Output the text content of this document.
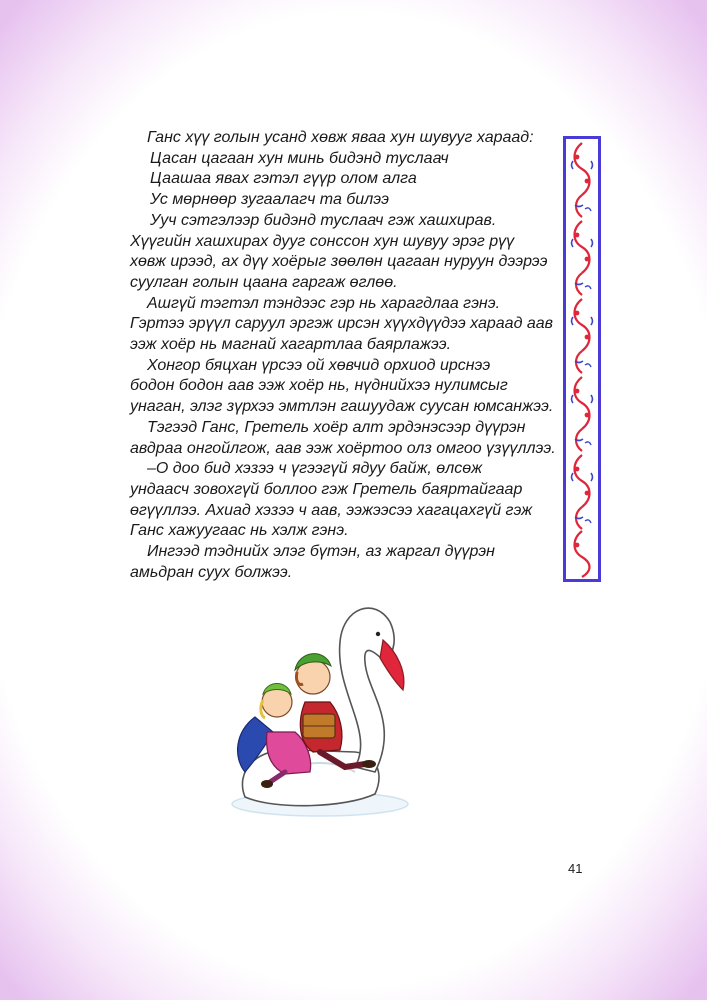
Ганс хүү голын усанд хөвж яваа хун шувууг хараад:
Цасан цагаан хун минь бидэнд туслаач
Цаашаа явах гэтэл гүүр олом алга
Ус мөрнөөр зугаалагч та билээ
Ууч сэтгэлээр бидэнд туслаач гэж хашхирав.
Хүүгийн хашхирах дууг сонссон хун шувуу эрэг рүү
хөвж ирээд, ах дүү хоёрыг зөөлөн цагаан нуруун дээрээ
суулган голын цаана гаргаж өглөө.
Ашгүй тэгтэл тэндээс гэр нь харагдлаа гэнэ.
Гэртээ эрүүл саруул эргэж ирсэн хүүхдүүдээ хараад аав
ээж хоёр нь магнай хагартлаа баярлажээ.
Хонгор бяцхан үрсээ ой хөвчид орхиод ирснээ
бодон бодон аав ээж хоёр нь, нүднийхээ нулимсыг
унаган, элэг зүрхээ эмтлэн гашуудаж суусан юмсанжээ.
Тэгээд Ганс, Гретель хоёр алт эрдэнэсээр дүүрэн
авдраа онгойлгож, аав ээж хоёртоо олз омгоо үзүүллээ.
–О доо бид хэзээ ч үгээгүй ядуу байж, өлсөж
ундаасч зовохгүй боллоо гэж Гретель баяртайгаар
өгүүллээ. Ахиад хэзээ ч аав, ээжээсээ хагацахгүй гэж
Ганс хажуугаас нь хэлж гэнэ.
Ингээд тэднийх элэг бүтэн, аз жаргал дүүрэн
амьдран суух болжээ.
41
